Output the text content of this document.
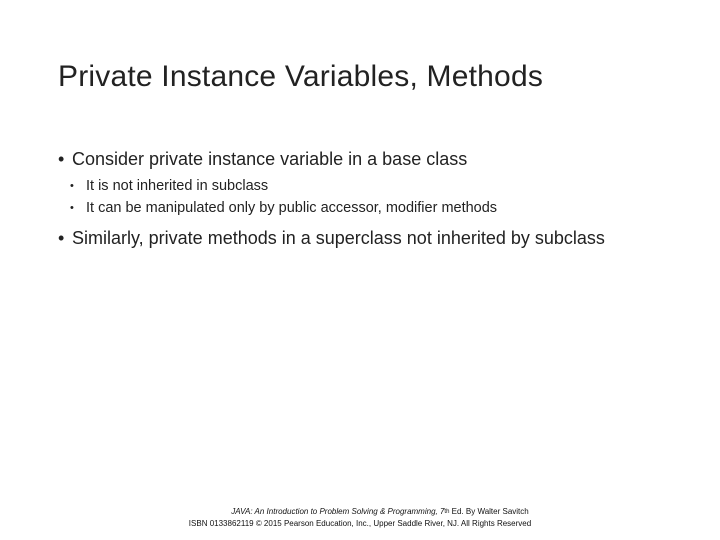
Private Instance Variables, Methods
• Consider private instance variable in a base class
• It is not inherited in subclass
• It can be manipulated only by public accessor, modifier methods
• Similarly, private methods in a superclass not inherited by subclass
JAVA: An Introduction to Problem Solving & Programming, 7th Ed. By Walter Savitch
ISBN 0133862119 © 2015 Pearson Education, Inc., Upper Saddle River, NJ. All Rights Reserved
